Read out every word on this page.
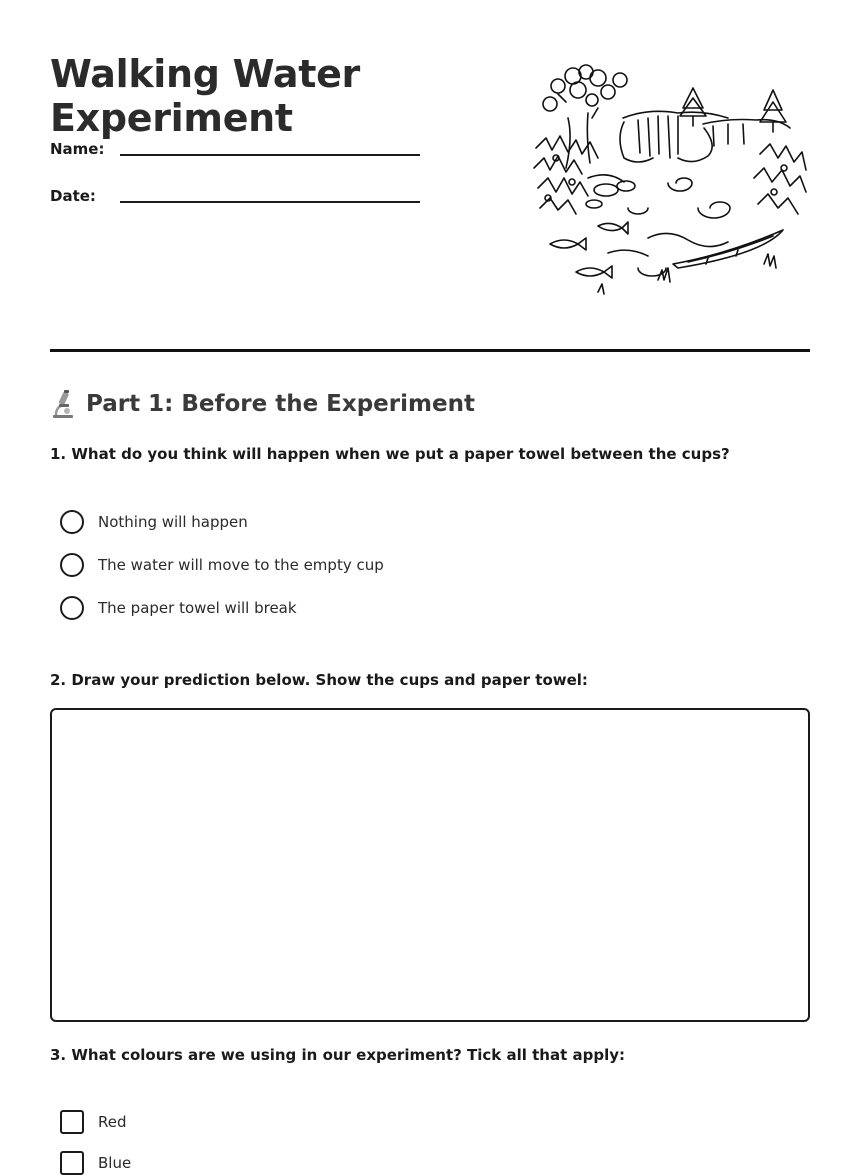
Walking Water
Experiment
Name:
Date:
Part 1: Before the Experiment
1. What do you think will happen when we put a paper towel between the cups?
Nothing will happen
The water will move to the empty cup
The paper towel will break
2. Draw your prediction below. Show the cups and paper towel:
3. What colours are we using in our experiment? Tick all that apply:
Red
Blue
